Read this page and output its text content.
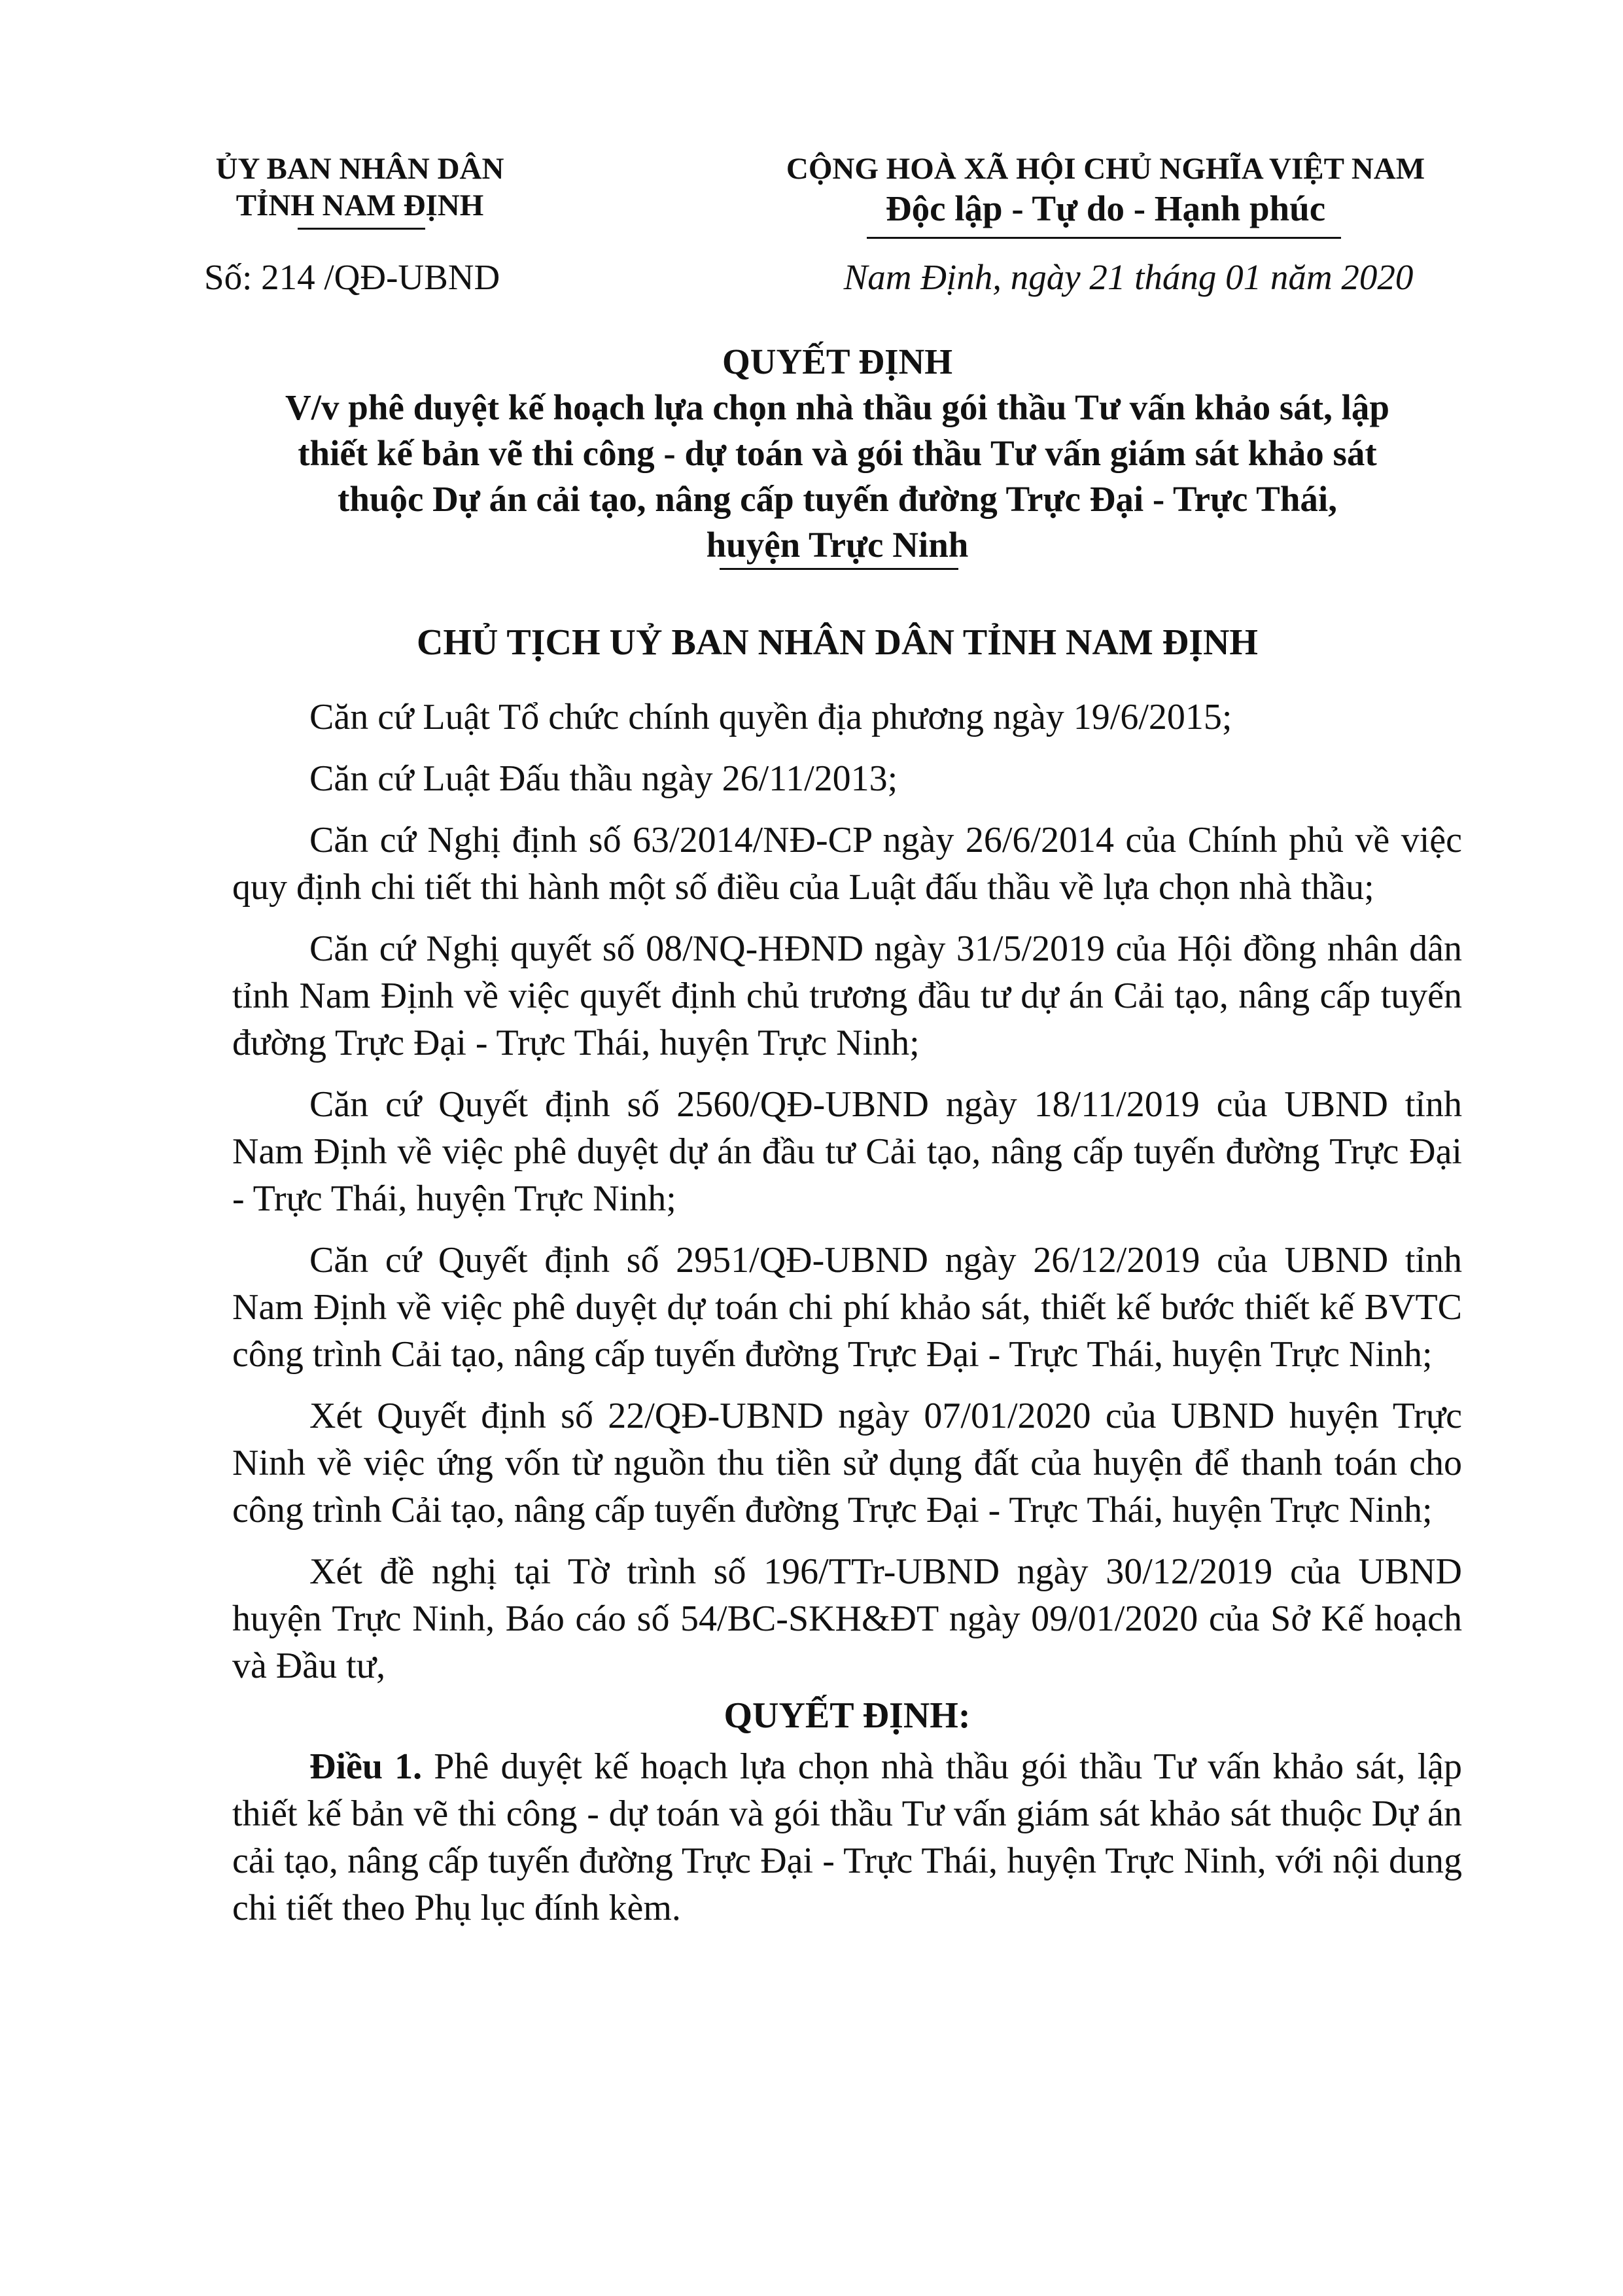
ỦY BAN NHÂN DÂN
TỈNH NAM ĐỊNH
CỘNG HOÀ XÃ HỘI CHỦ NGHĨA VIỆT NAM
Độc lập - Tự do - Hạnh phúc
Số: 214 /QĐ-UBND	Nam Định, ngày 21 tháng 01 năm 2020
QUYẾT ĐỊNH
V/v phê duyệt kế hoạch lựa chọn nhà thầu gói thầu Tư vấn khảo sát, lập
thiết kế bản vẽ thi công - dự toán và gói thầu Tư vấn giám sát khảo sát
thuộc Dự án cải tạo, nâng cấp tuyến đường Trực Đại - Trực Thái,
huyện Trực Ninh
CHỦ TỊCH UỶ BAN NHÂN DÂN TỈNH NAM ĐỊNH

Căn cứ Luật Tổ chức chính quyền địa phương ngày 19/6/2015;

Căn cứ Luật Đấu thầu ngày 26/11/2013;

Căn cứ Nghị định số 63/2014/NĐ-CP ngày 26/6/2014 của Chính phủ về việc quy định chi tiết thi hành một số điều của Luật đấu thầu về lựa chọn nhà thầu;

Căn cứ Nghị quyết số 08/NQ-HĐND ngày 31/5/2019 của Hội đồng nhân dân tỉnh Nam Định về việc quyết định chủ trương đầu tư dự án Cải tạo, nâng cấp tuyến đường Trực Đại - Trực Thái, huyện Trực Ninh;

Căn cứ Quyết định số 2560/QĐ-UBND ngày 18/11/2019 của UBND tỉnh Nam Định về việc phê duyệt dự án đầu tư Cải tạo, nâng cấp tuyến đường Trực Đại - Trực Thái, huyện Trực Ninh;

Căn cứ Quyết định số 2951/QĐ-UBND ngày 26/12/2019 của UBND tỉnh Nam Định về việc phê duyệt dự toán chi phí khảo sát, thiết kế bước thiết kế BVTC công trình Cải tạo, nâng cấp tuyến đường Trực Đại - Trực Thái, huyện Trực Ninh;

Xét Quyết định số 22/QĐ-UBND ngày 07/01/2020 của UBND huyện Trực Ninh về việc ứng vốn từ nguồn thu tiền sử dụng đất của huyện để thanh toán cho công trình Cải tạo, nâng cấp tuyến đường Trực Đại - Trực Thái, huyện Trực Ninh;

Xét đề nghị tại Tờ trình số 196/TTr-UBND ngày 30/12/2019 của UBND huyện Trực Ninh, Báo cáo số 54/BC-SKH&ĐT ngày 09/01/2020 của Sở Kế hoạch và Đầu tư,

QUYẾT ĐỊNH:

Điều 1. Phê duyệt kế hoạch lựa chọn nhà thầu gói thầu Tư vấn khảo sát, lập thiết kế bản vẽ thi công - dự toán và gói thầu Tư vấn giám sát khảo sát thuộc Dự án cải tạo, nâng cấp tuyến đường Trực Đại - Trực Thái, huyện Trực Ninh, với nội dung chi tiết theo Phụ lục đính kèm.
